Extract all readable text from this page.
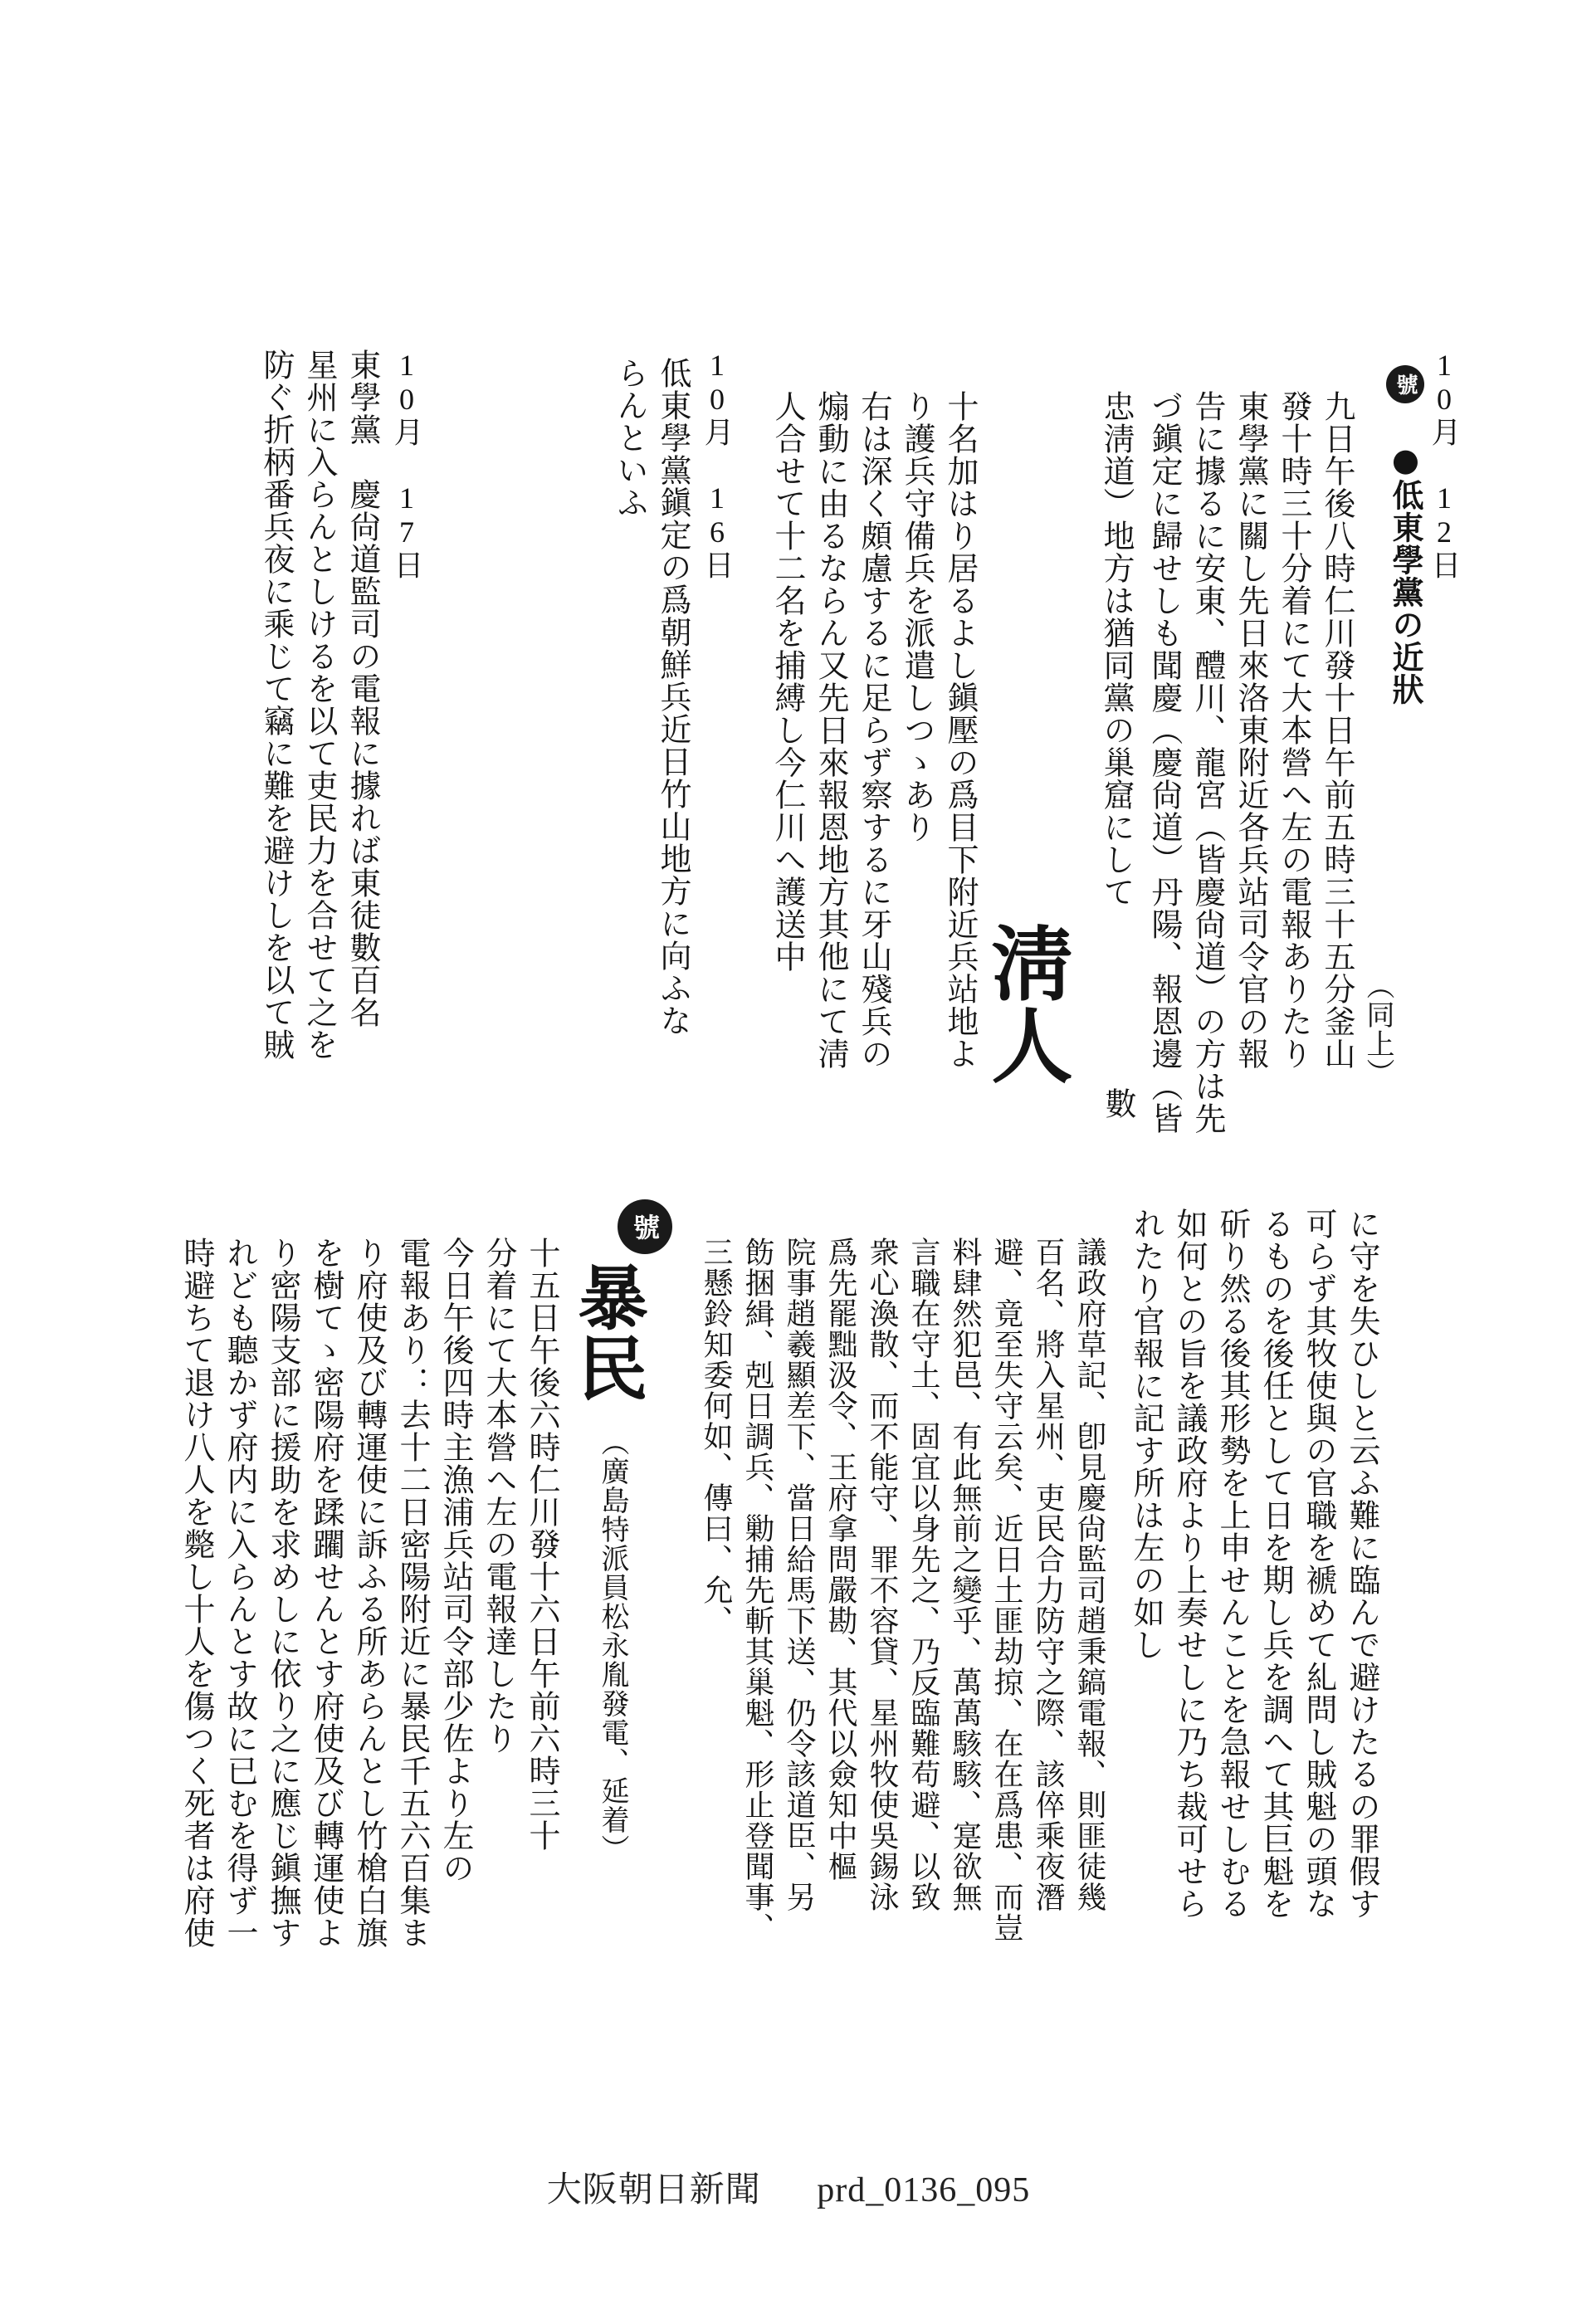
10月 12日
號 ●低東學黨の近狀
（同上）
九日午後八時仁川發十日午前五時三十五分釜山
發十時三十分着にて大本營へ左の電報ありたり
東學黨に關し先日來洛東附近各兵站司令官の報
告に據るに安東、醴川、龍宮（皆慶尙道）の方は先
づ鎭定に歸せしも聞慶（慶尙道）丹陽、報恩邊（皆
忠淸道）地方は猶同黨の巢窟にして
淸人
數
十名加はり居るよし鎭壓の爲目下附近兵站地よ
り護兵守備兵を派遣しつゝあり
右は深く頗慮するに足らず察するに牙山殘兵の
煽動に由るならん又先日來報恩地方其他にて淸
人合せて十二名を捕縛し今仁川へ護送中
10月 16日
低東學黨鎭定の爲朝鮮兵近日竹山地方に向ふな
らんといふ
10月 17日
東學黨　慶尙道監司の電報に據れば東徒數百名
星州に入らんとしけるを以て吏民力を合せて之を
防ぐ折柄番兵夜に乘じて竊に難を避けしを以て賊
に守を失ひしと云ふ難に臨んで避けたるの罪假す
可らず其牧使與の官職を褫めて糺問し賊魁の頭な
るものを後任として日を期し兵を調へて其巨魁を
斫り然る後其形勢を上申せんことを急報せしむる
如何との旨を議政府より上奏せしに乃ち裁可せら
れたり官報に記す所は左の如し
議政府草記、卽見慶尙監司趙秉鎬電報、則匪徒幾
百名、將入星州、吏民合力防守之際、該倅乘夜潛
避、竟至失守云矣、近日土匪劫掠、在在爲患、而豈
料肆然犯邑、有此無前之變乎、萬萬駭駭、寔欲無
言職在守土、固宜以身先之、乃反臨難苟避、以致
衆心渙散、而不能守、罪不容貸、星州牧使吳錫泳
爲先罷黜汲令、王府拿問嚴勘、其代以僉知中樞
院事趙羲顯差下、當日給馬下送、仍令該道臣、另
飭捆緝、剋日調兵、勦捕先斬其巢魁、形止登聞事、
三懸鈴知委何如、傳曰、允、
號
暴民
（廣島特派員松永胤發電、延着）
十五日午後六時仁川發十六日午前六時三十
分着にて大本營へ左の電報達したり
今日午後四時主漁浦兵站司令部少佐より左の
電報あり：去十二日密陽附近に暴民千五六百集ま
り府使及び轉運使に訴ふる所あらんとし竹槍白旗
を樹てゝ密陽府を蹂躙せんとす府使及び轉運使よ
り密陽支部に援助を求めしに依り之に應じ鎭撫す
れども聽かず府内に入らんとす故に已むを得ず一
時避ちて退け八人を斃し十人を傷つく死者は府使
大阪朝日新聞 prd_0136_095
